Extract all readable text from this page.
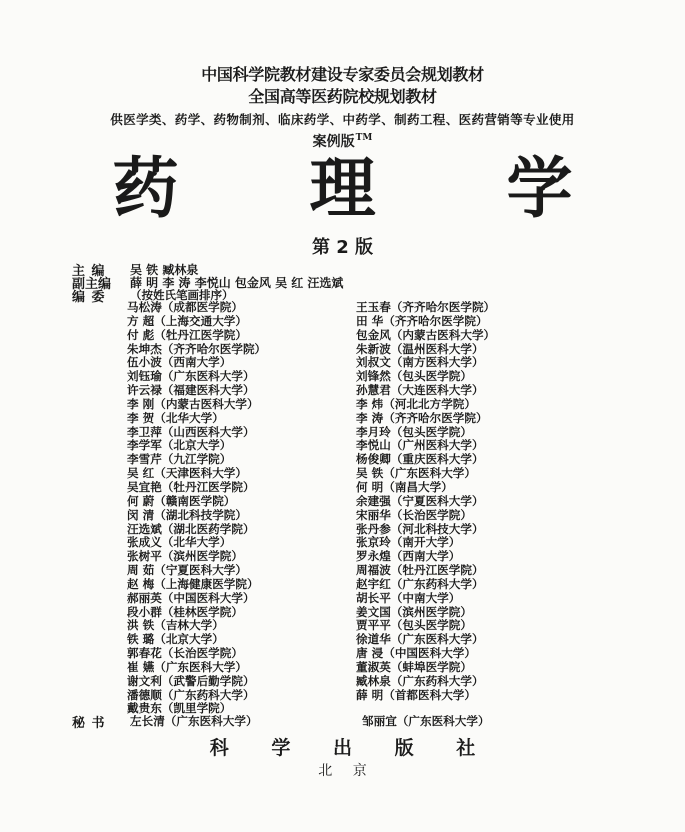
中国科学院教材建设专家委员会规划教材
全国高等医药院校规划教材
供医学类、药学、药物制剂、临床药学、中药学、制药工程、医药营销等专业使用
案例版™
药 理 学
第 2 版
主 编 吴 铁 臧林泉
副主编 薛 明 李 涛 李悦山 包金风 吴 红 汪选斌
编 委 （按姓氏笔画排序）
马松涛（成都医学院）
方 超（上海交通大学）
付 彪（牡丹江医学院）
朱坤杰（齐齐哈尔医学院）
伍小波（西南大学）
刘钰瑜（广东医科大学）
许云禄（福建医科大学）
李 刚（内蒙古医科大学）
李 贺（北华大学）
李卫萍（山西医科大学）
李学军（北京大学）
李雪芹（九江学院）
吴 红（天津医科大学）
吴宜艳（牡丹江医学院）
何 蔚（赣南医学院）
闵 清（湖北科技学院）
汪选斌（湖北医药学院）
张成义（北华大学）
张树平（滨州医学院）
周 茹（宁夏医科大学）
赵 梅（上海健康医学院）
郝丽英（中国医科大学）
段小群（桂林医学院）
洪 铁（吉林大学）
铁 璐（北京大学）
郭春花（长治医学院）
崔 嬿（广东医科大学）
谢文利（武警后勤学院）
潘德顺（广东药科大学）
戴贵东（凯里学院）
王玉春（齐齐哈尔医学院）
田 华（齐齐哈尔医学院）
包金风（内蒙古医科大学）
朱新波（温州医科大学）
刘叔文（南方医科大学）
刘锋然（包头医学院）
孙慧君（大连医科大学）
李 炜（河北北方学院）
李 涛（齐齐哈尔医学院）
李月玲（包头医学院）
李悦山（广州医科大学）
杨俊卿（重庆医科大学）
吴 铁（广东医科大学）
何 明（南昌大学）
余建强（宁夏医科大学）
宋丽华（长治医学院）
张丹参（河北科技大学）
张京玲（南开大学）
罗永煌（西南大学）
周福波（牡丹江医学院）
赵宇红（广东药科大学）
胡长平（中南大学）
姜文国（滨州医学院）
贾平平（包头医学院）
徐道华（广东医科大学）
唐 浸（中国医科大学）
董淑英（蚌埠医学院）
臧林泉（广东药科大学）
薛 明（首都医科大学）
秘 书 左长清（广东医科大学）	邹丽宜（广东医科大学）
科 学 出 版 社
北 京
